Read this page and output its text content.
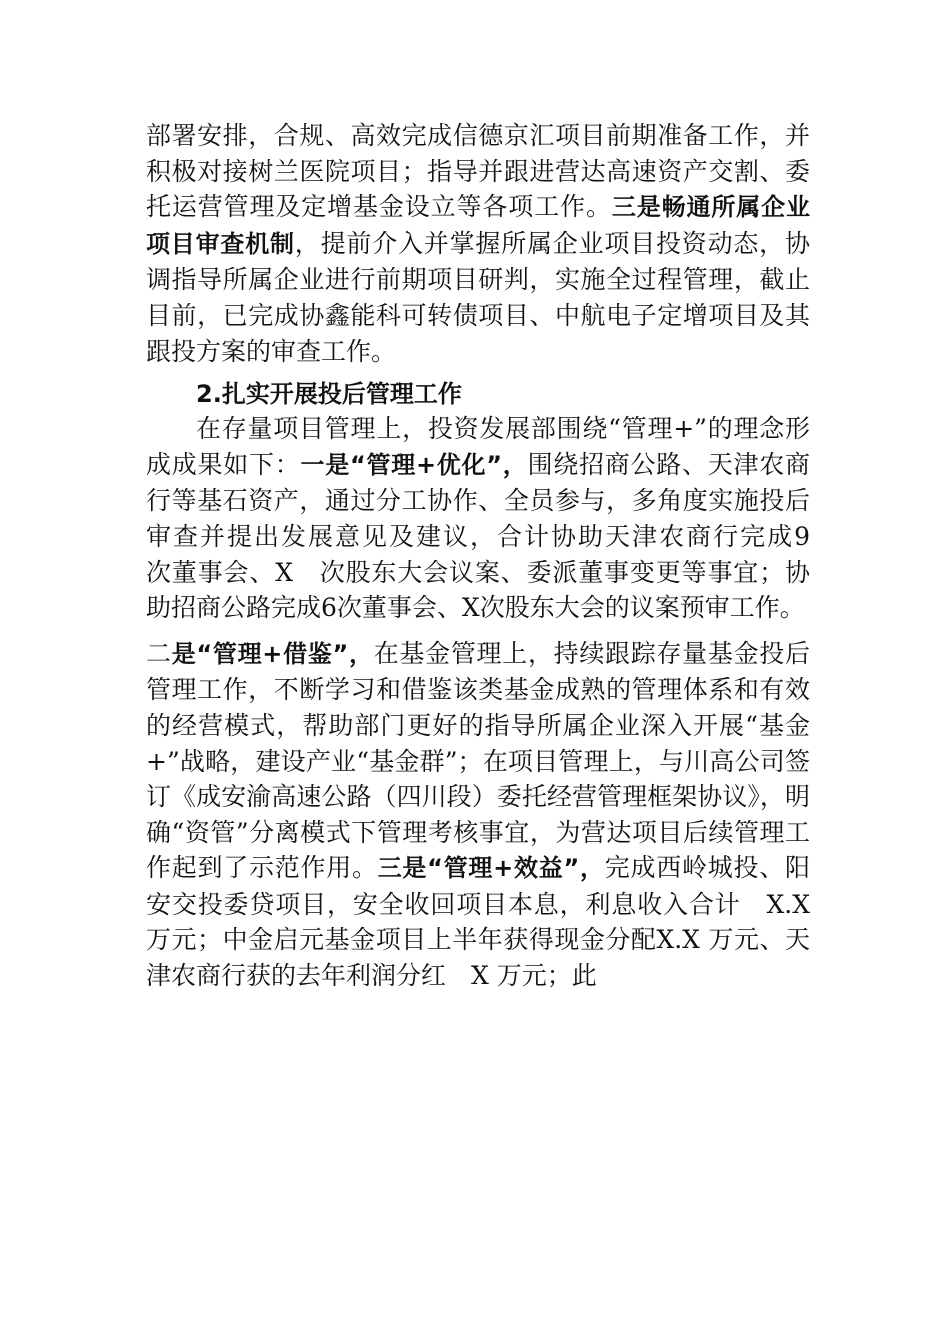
部署安排，合规、高效完成信德京汇项目前期准备工作，并积极对接树兰医院项目；指导并跟进营达高速资产交割、委托运营管理及定增基金设立等各项工作。三是畅通所属企业项目审查机制，提前介入并掌握所属企业项目投资动态，协调指导所属企业进行前期项目研判，实施全过程管理，截止目前，已完成协鑫能科可转债项目、中航电子定增项目及其跟投方案的审查工作。

2.扎实开展投后管理工作

在存量项目管理上，投资发展部围绕“管理+”的理念形成成果如下：一是“管理+优化”，围绕招商公路、天津农商行等基石资产，通过分工协作、全员参与，多角度实施投后审查并提出发展意见及建议，合计协助天津农商行完成9　次董事会、X　次股东大会议案、委派董事变更等事宜；协助招商公路完成6次董事会、X次股东大会的议案预审工作。

二是“管理+借鉴”，在基金管理上，持续跟踪存量基金投后管理工作，不断学习和借鉴该类基金成熟的管理体系和有效的经营模式，帮助部门更好的指导所属企业深入开展“基金+”战略，建设产业“基金群”；在项目管理上，与川高公司签订《成安渝高速公路（四川段）委托经营管理框架协议》，明确“资管”分离模式下管理考核事宜，为营达项目后续管理工作起到了示范作用。三是“管理+效益”，完成西岭城投、阳安交投委贷项目，安全收回项目本息，利息收入合计　X.X 万元；中金启元基金项目上半年获得现金分配X.X 万元、天津农商行获的去年利润分红　X 万元；此
